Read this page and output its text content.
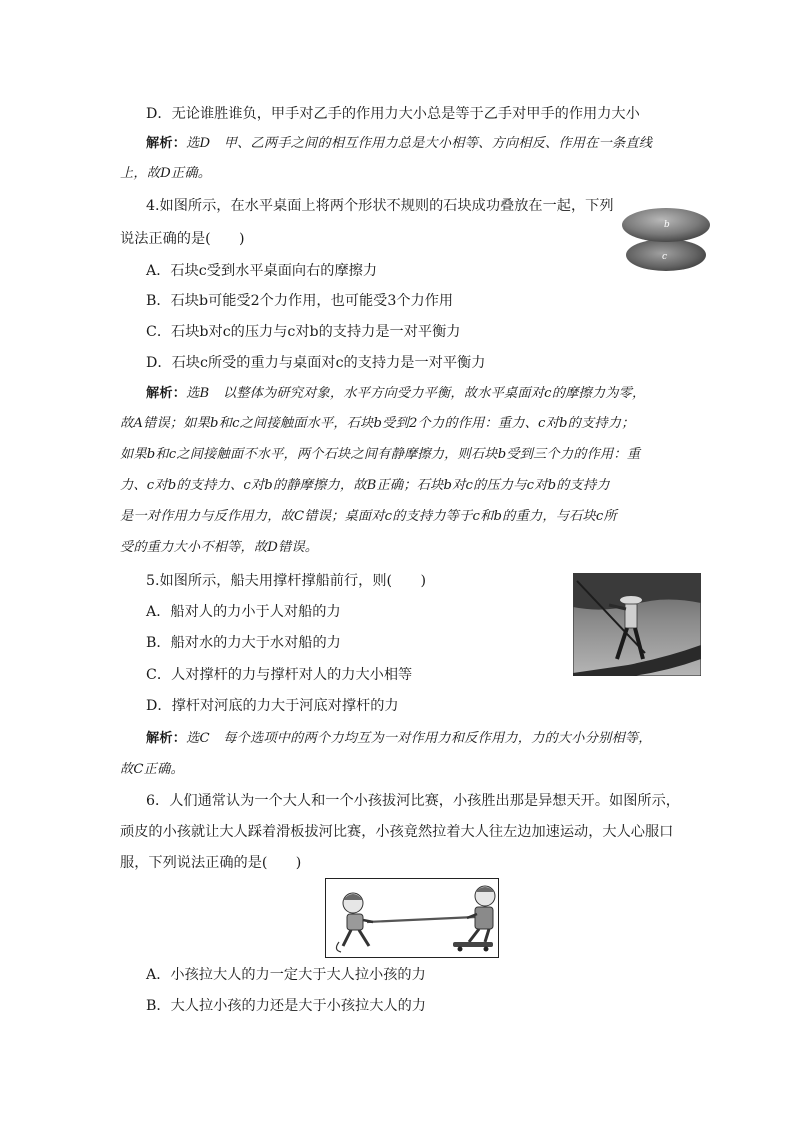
D．无论谁胜谁负，甲手对乙手的作用力大小总是等于乙手对甲手的作用力大小
解析：选D　甲、乙两手之间的相互作用力总是大小相等、方向相反、作用在一条直线
上，故D正确。
4.如图所示，在水平桌面上将两个形状不规则的石块成功叠放在一起，下列
说法正确的是(　　)
b
c
A．石块c受到水平桌面向右的摩擦力
B．石块b可能受2个力作用，也可能受3个力作用
C．石块b对c的压力与c对b的支持力是一对平衡力
D．石块c所受的重力与桌面对c的支持力是一对平衡力
解析：选B　以整体为研究对象，水平方向受力平衡，故水平桌面对c的摩擦力为零，
故A错误；如果b和c之间接触面水平，石块b受到2个力的作用：重力、c对b的支持力；
如果b和c之间接触面不水平，两个石块之间有静摩擦力，则石块b受到三个力的作用：重
力、c对b的支持力、c对b的静摩擦力，故B正确；石块b对c的压力与c对b的支持力
是一对作用力与反作用力，故C错误；桌面对c的支持力等于c和b的重力，与石块c所
受的重力大小不相等，故D错误。
5.如图所示，船夫用撑杆撑船前行，则(　　)
A．船对人的力小于人对船的力
B．船对水的力大于水对船的力
C．人对撑杆的力与撑杆对人的力大小相等
D．撑杆对河底的力大于河底对撑杆的力
解析：选C　每个选项中的两个力均互为一对作用力和反作用力，力的大小分别相等，
故C正确。
6．人们通常认为一个大人和一个小孩拔河比赛，小孩胜出那是异想天开。如图所示，
顽皮的小孩就让大人踩着滑板拔河比赛，小孩竟然拉着大人往左边加速运动，大人心服口
服，下列说法正确的是(　　)
A．小孩拉大人的力一定大于大人拉小孩的力
B．大人拉小孩的力还是大于小孩拉大人的力
